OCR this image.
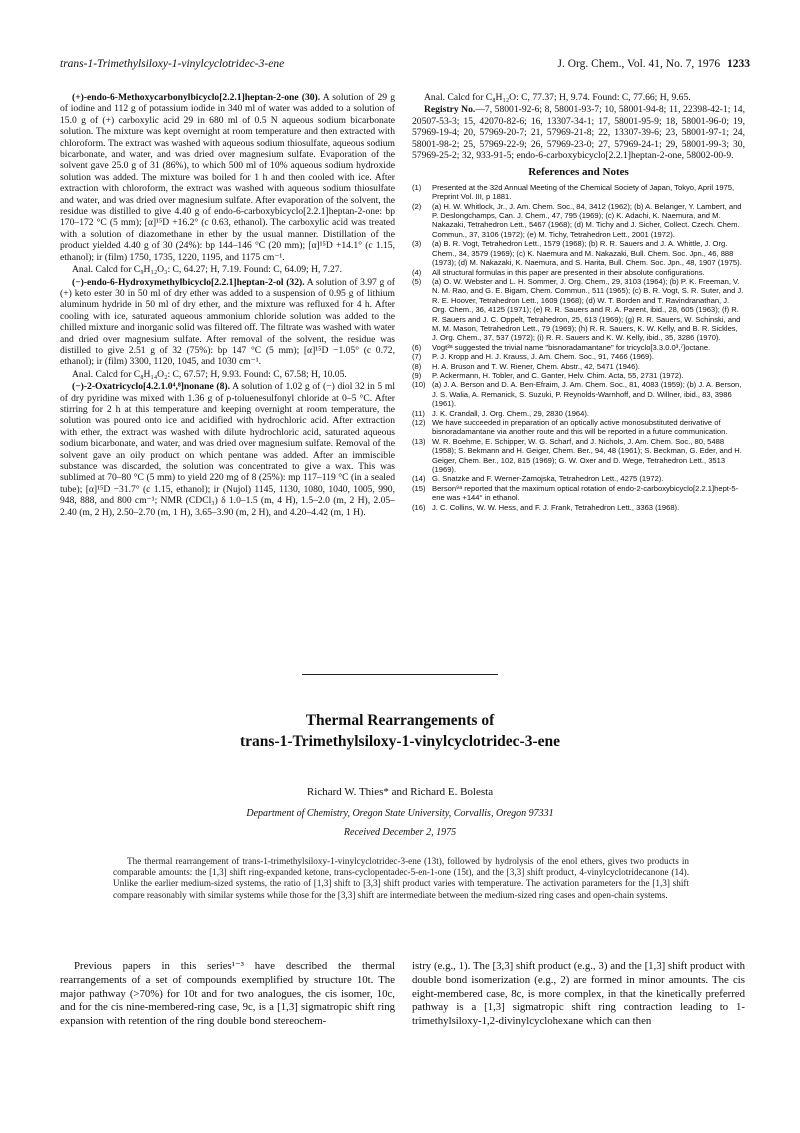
trans-1-Trimethylsiloxy-1-vinylcyclotridec-3-ene	J. Org. Chem., Vol. 41, No. 7, 1976 1233

(+)-endo-6-Methoxycarbonylbicyclo[2.2.1]heptan-2-one (30). A solution of 29 g of iodine and 112 g of potassium iodide in 340 ml of water was added to a solution of 15.0 g of (+) carboxylic acid 29 in 680 ml of 0.5 N aqueous sodium bicarbonate solution. The mixture was kept overnight at room temperature and then extracted with chloroform. The extract was washed with aqueous sodium thiosulfate, aqueous sodium bicarbonate, and water, and was dried over magnesium sulfate. Evaporation of the solvent gave 25.0 g of 31 (86%), to which 500 ml of 10% aqueous sodium hydroxide solution was added. The mixture was boiled for 1 h and then cooled with ice. After extraction with chloroform, the extract was washed with aqueous sodium thiosulfate and water, and was dried over magnesium sulfate. After evaporation of the solvent, the residue was distilled to give 4.40 g of endo-6-carboxybicyclo[2.2.1]heptan-2-one: bp 170–172 °C (5 mm); [α]¹⁵D +16.2° (c 0.63, ethanol). The carboxylic acid was treated with a solution of diazomethane in ether by the usual manner. Distillation of the product yielded 4.40 g of 30 (24%): bp 144–146 °C (20 mm); [α]¹⁵D +14.1° (c 1.15, ethanol); ir (film) 1750, 1735, 1220, 1195, and 1175 cm⁻¹.

Anal. Calcd for C₉H₁₂O₃: C, 64.27; H, 7.19. Found: C, 64.09; H, 7.27.

(−)-endo-6-Hydroxymethylbicyclo[2.2.1]heptan-2-ol (32). A solution of 3.97 g of (+) keto ester 30 in 50 ml of dry ether was added to a suspension of 0.95 g of lithium aluminum hydride in 50 ml of dry ether, and the mixture was refluxed for 4 h. After cooling with ice, saturated aqueous ammonium chloride solution was added to the chilled mixture and inorganic solid was filtered off. The filtrate was washed with water and dried over magnesium sulfate. After removal of the solvent, the residue was distilled to give 2.51 g of 32 (75%): bp 147 °C (5 mm); [α]¹⁵D −1.05° (c 0.72, ethanol); ir (film) 3300, 1120, 1045, and 1030 cm⁻¹.

Anal. Calcd for C₈H₁₄O₂: C, 67.57; H, 9.93. Found: C, 67.58; H, 10.05.

(−)-2-Oxatricyclo[4.2.1.0⁴,⁸]nonane (8). A solution of 1.02 g of (−) diol 32 in 5 ml of dry pyridine was mixed with 1.36 g of p-toluenesulfonyl chloride at 0–5 °C. After stirring for 2 h at this temperature and keeping overnight at room temperature, the solution was poured onto ice and acidified with hydrochloric acid. After extraction with ether, the extract was washed with dilute hydrochloric acid, saturated aqueous sodium bicarbonate, and water, and was dried over magnesium sulfate. Removal of the solvent gave an oily product on which pentane was added. After an immiscible substance was discarded, the solution was concentrated to give a wax. This was sublimed at 70–80 °C (5 mm) to yield 220 mg of 8 (25%): mp 117–119 °C (in a sealed tube); [α]¹⁵D −31.7° (c 1.15, ethanol); ir (Nujol) 1145, 1130, 1080, 1040, 1005, 990, 948, 888, and 800 cm⁻¹; NMR (CDCl₃) δ 1.0–1.5 (m, 4 H), 1.5–2.0 (m, 2 H), 2.05–2.40 (m, 2 H), 2.50–2.70 (m, 1 H), 3.65–3.90 (m, 2 H), and 4.20–4.42 (m, 1 H).

Anal. Calcd for C₈H₁₂O: C, 77.37; H, 9.74. Found: C, 77.66; H, 9.65.

Registry No.—7, 58001-92-6; 8, 58001-93-7; 10, 58001-94-8; 11, 22398-42-1; 14, 20507-53-3; 15, 42070-82-6; 16, 13307-34-1; 17, 58001-95-9; 18, 58001-96-0; 19, 57969-19-4; 20, 57969-20-7; 21, 57969-21-8; 22, 13307-39-6; 23, 58001-97-1; 24, 58001-98-2; 25, 57969-22-9; 26, 57969-23-0; 27, 57969-24-1; 29, 58001-99-3; 30, 57969-25-2; 32, 933-91-5; endo-6-carboxybicyclo[2.2.1]heptan-2-one, 58002-00-9.

References and Notes
(1)	Presented at the 32d Annual Meeting of the Chemical Society of Japan, Tokyo, April 1975, Preprint Vol. III, p 1881.
(2)	(a) H. W. Whitlock, Jr., J. Am. Chem. Soc., 84, 3412 (1962); (b) A. Belanger, Y. Lambert, and P. Deslongchamps, Can. J. Chem., 47, 795 (1969); (c) K. Adachi, K. Naemura, and M. Nakazaki, Tetrahedron Lett., 5467 (1968); (d) M. Tichy and J. Sicher, Collect. Czech. Chem. Commun., 37, 3106 (1972); (e) M. Tichy, Tetrahedron Lett., 2001 (1972).
(3)	(a) B. R. Vogt, Tetrahedron Lett., 1579 (1968); (b) R. R. Sauers and J. A. Whittle, J. Org. Chem., 34, 3579 (1969); (c) K. Naemura and M. Nakazaki, Bull. Chem. Soc. Jpn., 46, 888 (1973); (d) M. Nakazaki, K. Naemura, and S. Harita, Bull. Chem. Soc. Jpn., 48, 1907 (1975).
(4)	All structural formulas in this paper are presented in their absolute configurations.
(5)	(a) O. W. Webster and L. H. Sommer, J. Org. Chem., 29, 3103 (1964); (b) P. K. Freeman, V. N. M. Rao, and G. E. Bigam, Chem. Commun., 511 (1965); (c) B. R. Vogt, S. R. Suter, and J. R. E. Hoover, Tetrahedron Lett., 1609 (1968); (d) W. T. Borden and T. Ravindranathan, J. Org. Chem., 36, 4125 (1971); (e) R. R. Sauers and R. A. Parent, ibid., 28, 605 (1963); (f) R. R. Sauers and J. C. Oppelt, Tetrahedron, 25, 613 (1969); (g) R. R. Sauers, W. Schinski, and M. M. Mason, Tetrahedron Lett., 79 (1969); (h) R. R. Sauers, K. W. Kelly, and B. R. Sickles, J. Org. Chem., 37, 537 (1972); (i) R. R. Sauers and K. W. Kelly, ibid., 35, 3286 (1970).
(6)	Vogt³ᵃ suggested the trivial name "bisnoradamantane" for tricyclo[3.3.0.0³,⁷]octane.
(7)	P. J. Kropp and H. J. Krauss, J. Am. Chem. Soc., 91, 7466 (1969).
(8)	H. A. Bruson and T. W. Riener, Chem. Abstr., 42, 5471 (1946).
(9)	P. Ackermann, H. Tobler, and C. Ganter, Helv. Chim. Acta, 55, 2731 (1972).
(10) (a) J. A. Berson and D. A. Ben-Efraim, J. Am. Chem. Soc., 81, 4083 (1959); (b) J. A. Berson, J. S. Walia, A. Remanick, S. Suzuki, P. Reynolds-Warnhoff, and D. Willner, ibid., 83, 3986 (1961).
(11) J. K. Crandall, J. Org. Chem., 29, 2830 (1964).
(12) We have succeeded in preparation of an optically active monosubstituted derivative of bisnoradamantane via another route and this will be reported in a future communication.
(13) W. R. Boehme, E. Schipper, W. G. Scharf, and J. Nichols, J. Am. Chem. Soc., 80, 5488 (1958); S. Bekmann and H. Geiger, Chem. Ber., 94, 48 (1961); S. Beckman, G. Eder, and H. Geiger, Chem. Ber., 102, 815 (1969); G. W. Oxer and D. Wege, Tetrahedron Lett., 3513 (1969).
(14) G. Snatzke and F. Werner-Zamojska, Tetrahedron Lett., 4275 (1972).
(15) Berson⁹ᵃ reported that the maximum optical rotation of endo-2-carboxybicyclo[2.2.1]hept-5-ene was +144° in ethanol.
(16) J. C. Collins, W. W. Hess, and F. J. Frank, Tetrahedron Lett., 3363 (1968).
Thermal Rearrangements of
trans-1-Trimethylsiloxy-1-vinylcyclotridec-3-ene
Richard W. Thies* and Richard E. Bolesta
Department of Chemistry, Oregon State University, Corvallis, Oregon 97331
Received December 2, 1975
The thermal rearrangement of trans-1-trimethylsiloxy-1-vinylcyclotridec-3-ene (13t), followed by hydrolysis of the enol ethers, gives two products in comparable amounts: the [1,3] shift ring-expanded ketone, trans-cyclopentadec-5-en-1-one (15t), and the [3,3] shift product, 4-vinylcyclotridecanone (14). Unlike the earlier medium-sized systems, the ratio of [1,3] shift to [3,3] shift product varies with temperature. The activation parameters for the [1,3] shift compare reasonably with similar systems while those for the [3,3] shift are intermediate between the medium-sized ring cases and open-chain systems.
Previous papers in this series¹⁻³ have described the thermal rearrangements of a set of compounds exemplified by structure 10t. The major pathway (>70%) for 10t and for two analogues, the cis isomer, 10c, and for the cis nine-membered-ring case, 9c, is a [1,3] sigmatropic shift ring expansion with retention of the ring double bond stereochem-
istry (e.g., 1). The [3,3] shift product (e.g., 3) and the [1,3] shift product with double bond isomerization (e.g., 2) are formed in minor amounts. The cis eight-membered case, 8c, is more complex, in that the kinetically preferred pathway is a [1,3] sigmatropic shift ring contraction leading to 1-trimethylsiloxy-1,2-divinylcyclohexane which can then
